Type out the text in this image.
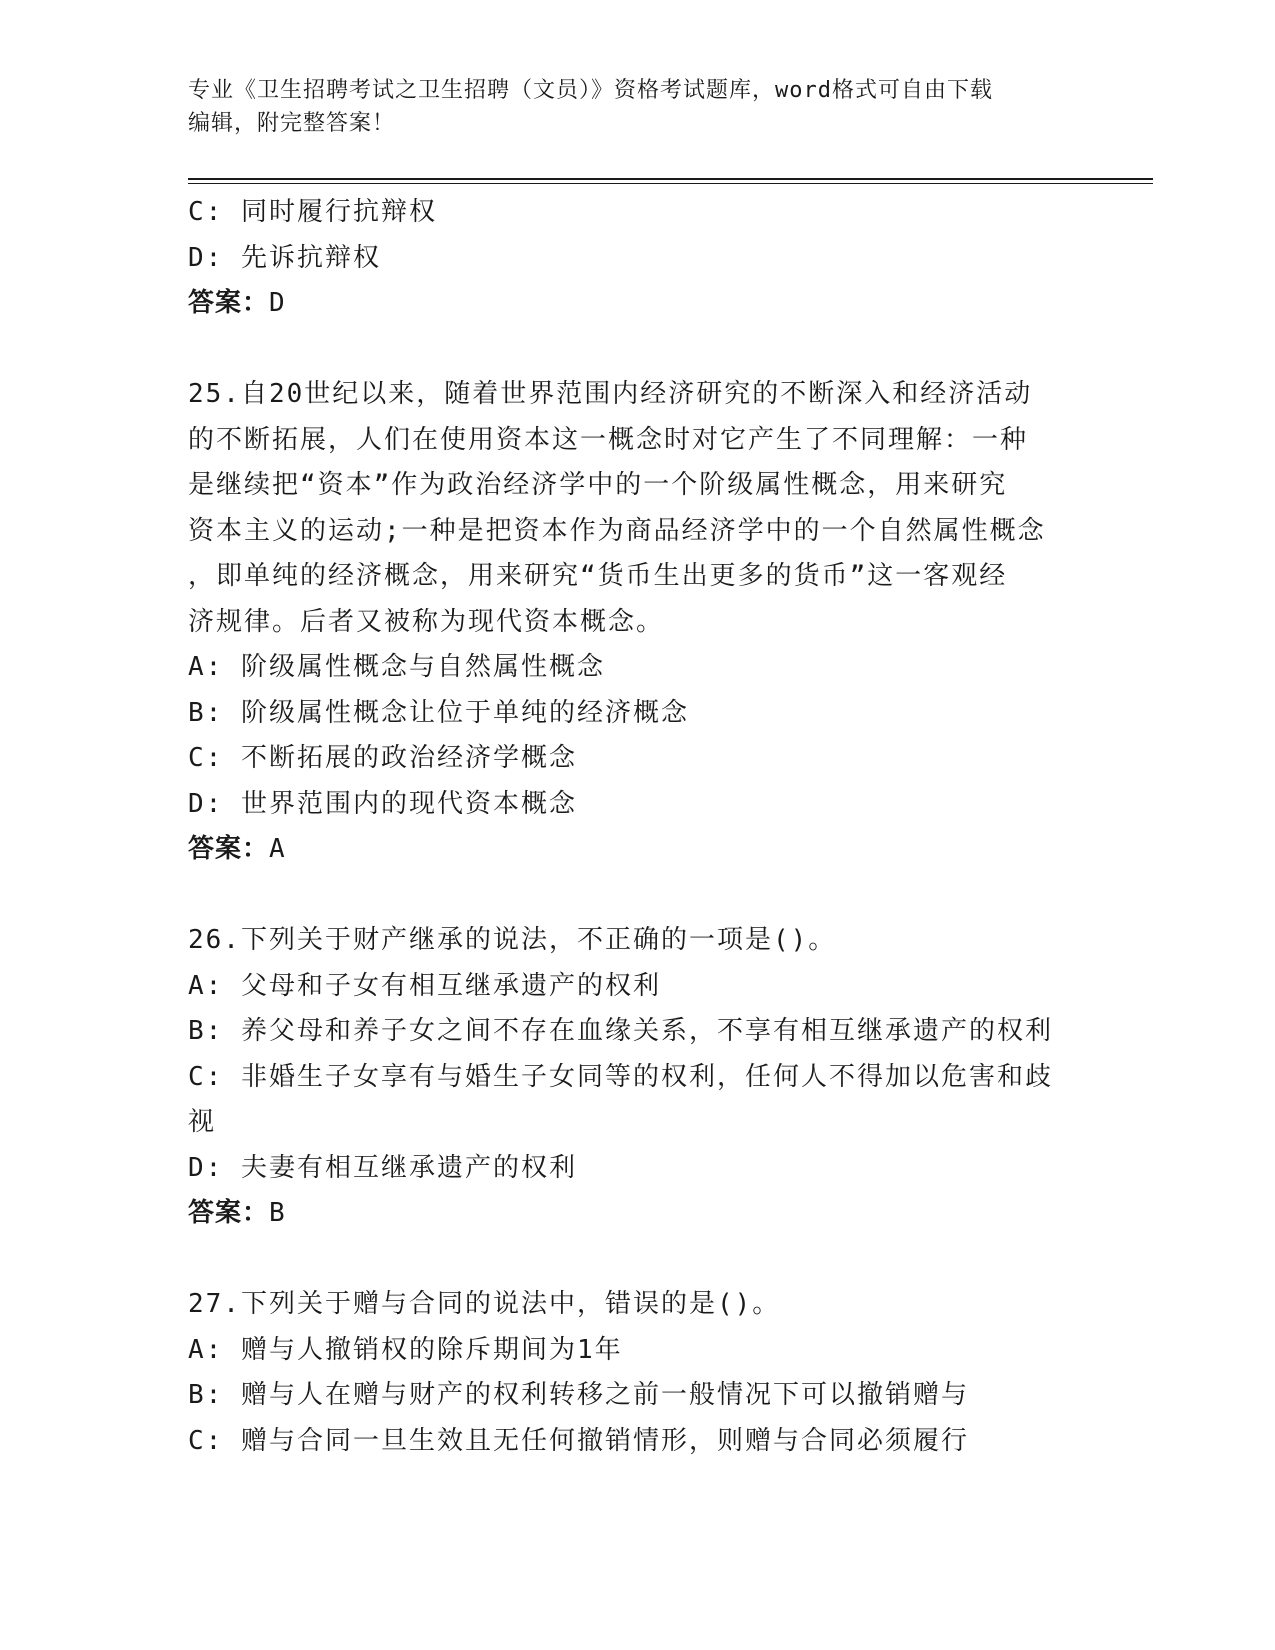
专业《卫生招聘考试之卫生招聘（文员）》资格考试题库，word格式可自由下载
编辑，附完整答案！
C: 同时履行抗辩权
D: 先诉抗辩权
答案：D
25.自20世纪以来，随着世界范围内经济研究的不断深入和经济活动
的不断拓展，人们在使用资本这一概念时对它产生了不同理解：一种
是继续把“资本”作为政治经济学中的一个阶级属性概念，用来研究
资本主义的运动;一种是把资本作为商品经济学中的一个自然属性概念
，即单纯的经济概念，用来研究“货币生出更多的货币”这一客观经
济规律。后者又被称为现代资本概念。
A: 阶级属性概念与自然属性概念
B: 阶级属性概念让位于单纯的经济概念
C: 不断拓展的政治经济学概念
D: 世界范围内的现代资本概念
答案：A
26.下列关于财产继承的说法，不正确的一项是()。
A: 父母和子女有相互继承遗产的权利
B: 养父母和养子女之间不存在血缘关系，不享有相互继承遗产的权利
C: 非婚生子女享有与婚生子女同等的权利，任何人不得加以危害和歧
视
D: 夫妻有相互继承遗产的权利
答案：B
27.下列关于赠与合同的说法中，错误的是()。
A: 赠与人撤销权的除斥期间为1年
B: 赠与人在赠与财产的权利转移之前一般情况下可以撤销赠与
C: 赠与合同一旦生效且无任何撤销情形，则赠与合同必须履行
